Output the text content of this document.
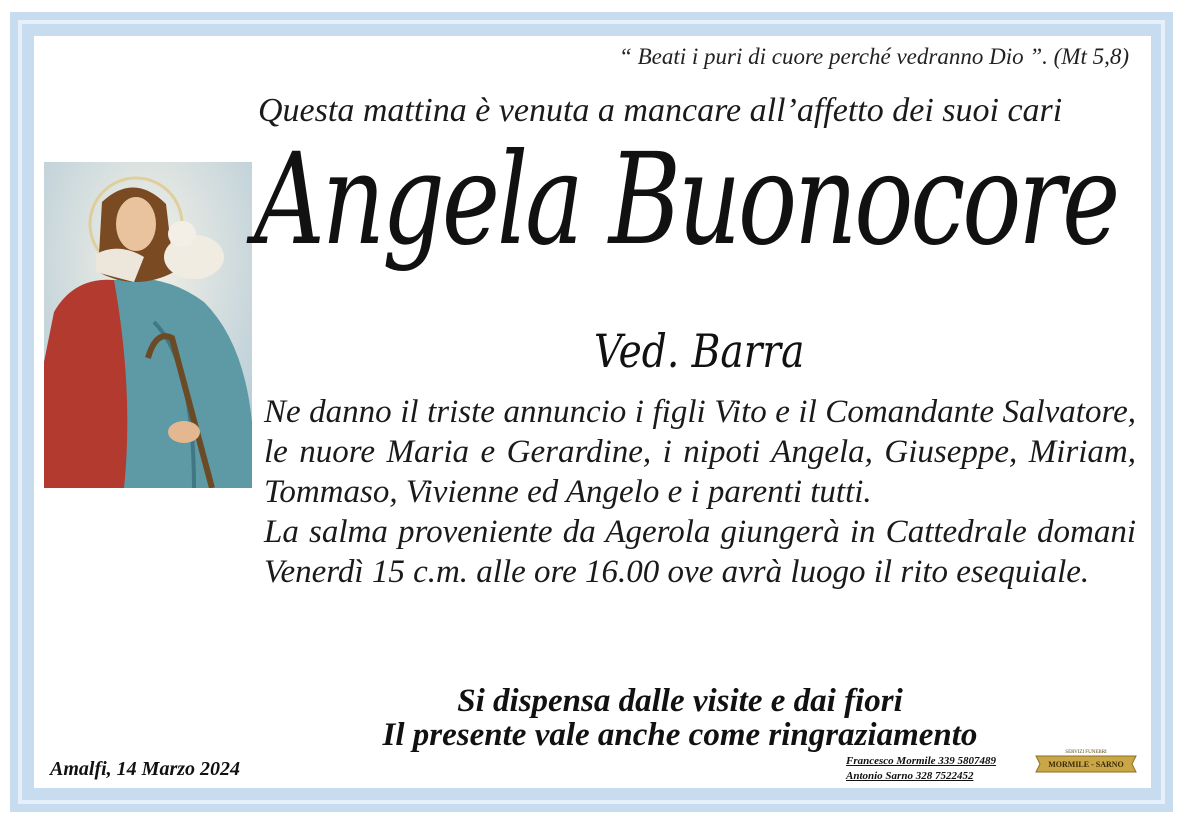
“ Beati i puri di cuore perché vedranno Dio ”. (Mt 5,8)
Questa mattina è venuta a mancare all’affetto dei suoi cari
Angela Buonocore
Ved. Barra

Ne danno il triste annuncio i figli Vito e il Comandante Salvatore, le nuore Maria e Gerardine, i nipoti Angela, Giuseppe, Miriam, Tommaso, Vivienne ed Angelo e i parenti tutti.

La salma proveniente da Agerola giungerà in Cattedrale domani Venerdì 15 c.m. alle ore 16.00 ove avrà luogo il rito esequiale.

Si dispensa dalle visite e dai fiori
Il presente vale anche come ringraziamento
Amalfi, 14 Marzo 2024	Francesco Mormile 339 5807489
Antonio Sarno 328 7522452
SERVIZI FUNEBRI
MORMILE - SARNO
